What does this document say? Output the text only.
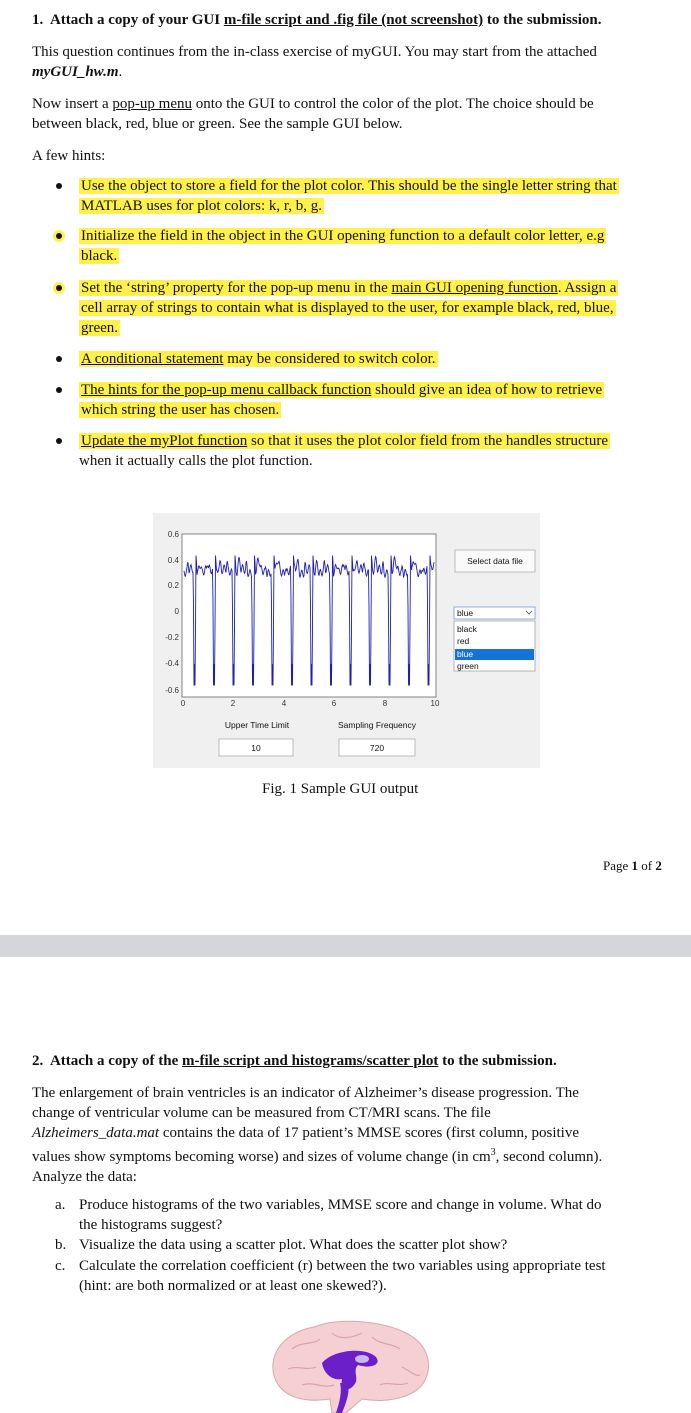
1. Attach a copy of your GUI m-file script and .fig file (not screenshot) to the submission.
This question continues from the in-class exercise of myGUI. You may start from the attached
myGUI_hw.m.
Now insert a pop-up menu onto the GUI to control the color of the plot. The choice should be
between black, red, blue or green. See the sample GUI below.
A few hints:
Use the object to store a field for the plot color. This should be the single letter string that
MATLAB uses for plot colors: k, r, b, g.
Initialize the field in the object in the GUI opening function to a default color letter, e.g
black.
Set the ‘string’ property for the pop-up menu in the main GUI opening function. Assign a
cell array of strings to contain what is displayed to the user, for example black, red, blue,
green.
A conditional statement may be considered to switch color.
The hints for the pop-up menu callback function should give an idea of how to retrieve
which string the user has chosen.
Update the myPlot function so that it uses the plot color field from the handles structure
when it actually calls the plot function.
0.6
0.4
0.2
0
-0.2
-0.4
-0.6
0	2	4	6	8	10
Select data file
blue
black
red
blue
green
Upper Time Limit
10
Sampling Frequency
720
Fig. 1 Sample GUI output
Page 1 of 2
2. Attach a copy of the m-file script and histograms/scatter plot to the submission.
The enlargement of brain ventricles is an indicator of Alzheimer’s disease progression. The
change of ventricular volume can be measured from CT/MRI scans. The file
Alzheimers_data.mat contains the data of 17 patient’s MMSE scores (first column, positive
values show symptoms becoming worse) and sizes of volume change (in $cm^3$, second column).
Analyze the data:
a. Produce histograms of the two variables, MMSE score and change in volume. What do
the histograms suggest?
b. Visualize the data using a scatter plot. What does the scatter plot show?
c. Calculate the correlation coefficient (r) between the two variables using appropriate test
(hint: are both normalized or at least one skewed?).
